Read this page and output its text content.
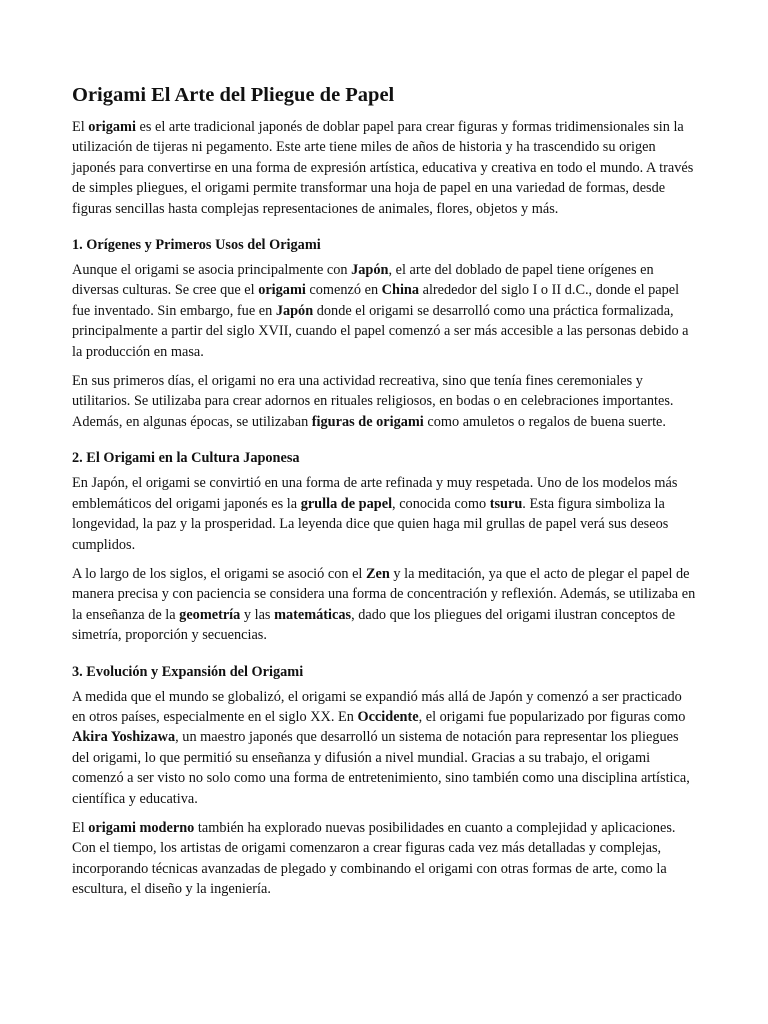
Origami El Arte del Pliegue de Papel

El origami es el arte tradicional japonés de doblar papel para crear figuras y formas tridimensionales sin la utilización de tijeras ni pegamento. Este arte tiene miles de años de historia y ha trascendido su origen japonés para convertirse en una forma de expresión artística, educativa y creativa en todo el mundo. A través de simples pliegues, el origami permite transformar una hoja de papel en una variedad de formas, desde figuras sencillas hasta complejas representaciones de animales, flores, objetos y más.

1. Orígenes y Primeros Usos del Origami

Aunque el origami se asocia principalmente con Japón, el arte del doblado de papel tiene orígenes en diversas culturas. Se cree que el origami comenzó en China alrededor del siglo I o II d.C., donde el papel fue inventado. Sin embargo, fue en Japón donde el origami se desarrolló como una práctica formalizada, principalmente a partir del siglo XVII, cuando el papel comenzó a ser más accesible a las personas debido a la producción en masa.

En sus primeros días, el origami no era una actividad recreativa, sino que tenía fines ceremoniales y utilitarios. Se utilizaba para crear adornos en rituales religiosos, en bodas o en celebraciones importantes. Además, en algunas épocas, se utilizaban figuras de origami como amuletos o regalos de buena suerte.

2. El Origami en la Cultura Japonesa

En Japón, el origami se convirtió en una forma de arte refinada y muy respetada. Uno de los modelos más emblemáticos del origami japonés es la grulla de papel, conocida como tsuru. Esta figura simboliza la longevidad, la paz y la prosperidad. La leyenda dice que quien haga mil grullas de papel verá sus deseos cumplidos.

A lo largo de los siglos, el origami se asoció con el Zen y la meditación, ya que el acto de plegar el papel de manera precisa y con paciencia se considera una forma de concentración y reflexión. Además, se utilizaba en la enseñanza de la geometría y las matemáticas, dado que los pliegues del origami ilustran conceptos de simetría, proporción y secuencias.

3. Evolución y Expansión del Origami

A medida que el mundo se globalizó, el origami se expandió más allá de Japón y comenzó a ser practicado en otros países, especialmente en el siglo XX. En Occidente, el origami fue popularizado por figuras como Akira Yoshizawa, un maestro japonés que desarrolló un sistema de notación para representar los pliegues del origami, lo que permitió su enseñanza y difusión a nivel mundial. Gracias a su trabajo, el origami comenzó a ser visto no solo como una forma de entretenimiento, sino también como una disciplina artística, científica y educativa.

El origami moderno también ha explorado nuevas posibilidades en cuanto a complejidad y aplicaciones. Con el tiempo, los artistas de origami comenzaron a crear figuras cada vez más detalladas y complejas, incorporando técnicas avanzadas de plegado y combinando el origami con otras formas de arte, como la escultura, el diseño y la ingeniería.
